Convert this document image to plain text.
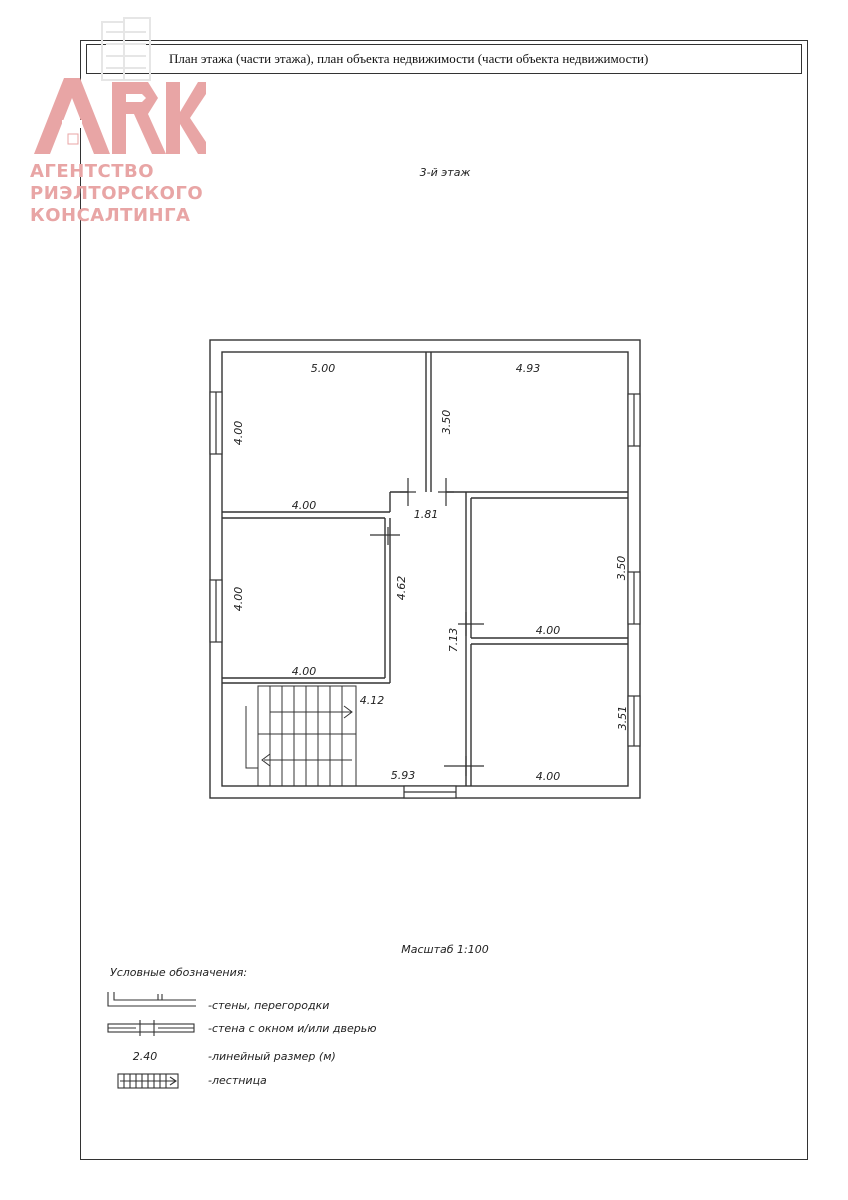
План этажа (части этажа), план объекта недвижимости (части объекта недвижимости)
АГЕНТСТВО
РИЭЛТОРСКОГО
КОНСАЛТИНГА
3-й этаж
5.00	4.93
4.00	3.50
4.00
1.81
4.00	4.62
3.50
4.00
7.13
4.00
4.12
3.51
5.93	4.00
2.40
Масштаб 1:100
Условные обозначения:
-стены, перегородки
-стена с окном и/или дверью
-линейный размер (м)
-лестница
